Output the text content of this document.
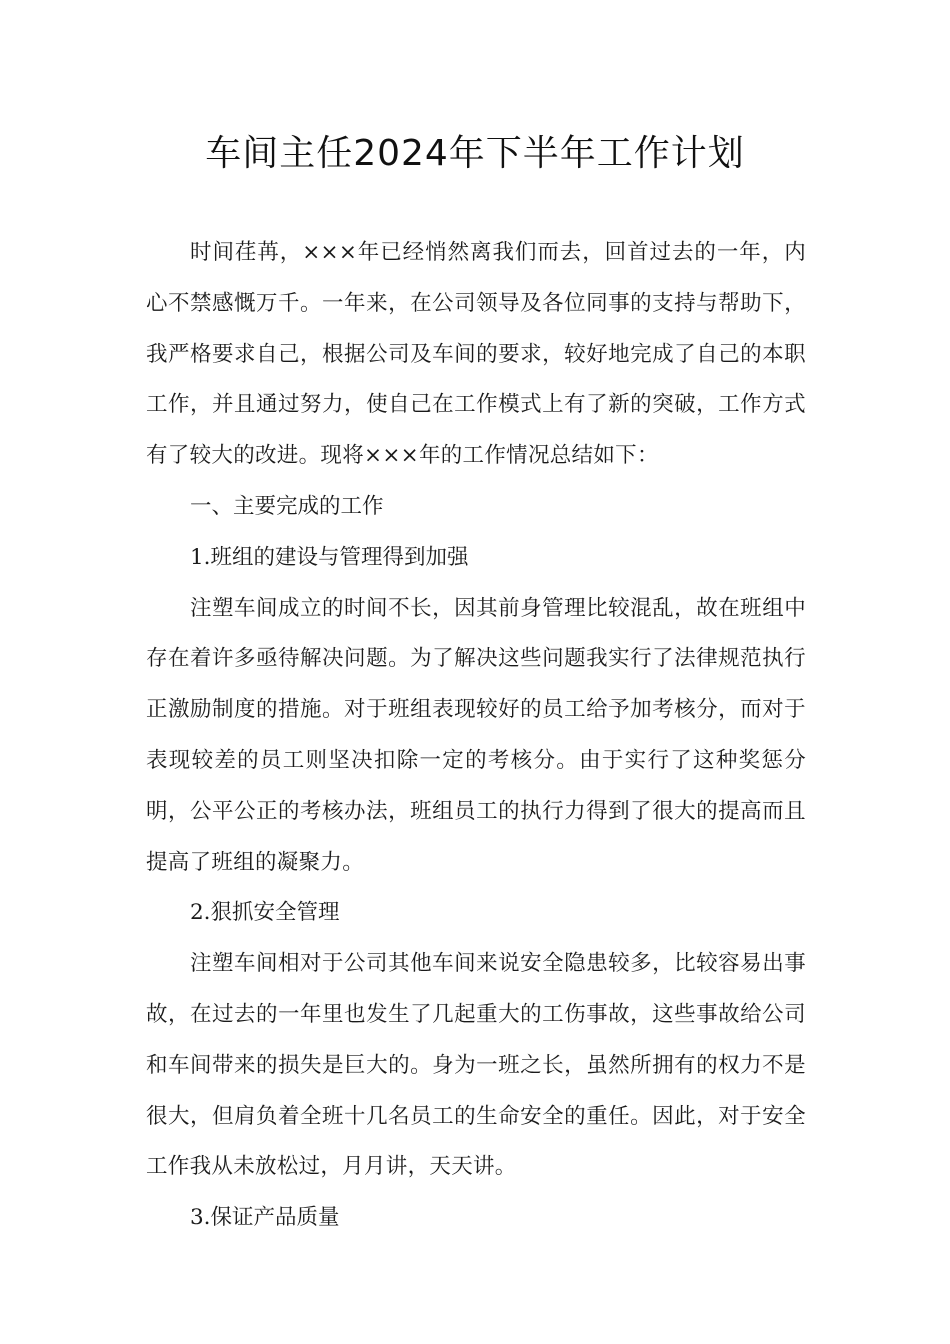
车间主任2024年下半年工作计划

时间荏苒，×××年已经悄然离我们而去，回首过去的一年，内心不禁感慨万千。一年来，在公司领导及各位同事的支持与帮助下，我严格要求自己，根据公司及车间的要求，较好地完成了自己的本职工作，并且通过努力，使自己在工作模式上有了新的突破，工作方式有了较大的改进。现将×××年的工作情况总结如下：

一、主要完成的工作

1.班组的建设与管理得到加强

注塑车间成立的时间不长，因其前身管理比较混乱，故在班组中存在着许多亟待解决问题。为了解决这些问题我实行了法律规范执行正激励制度的措施。对于班组表现较好的员工给予加考核分，而对于表现较差的员工则坚决扣除一定的考核分。由于实行了这种奖惩分明，公平公正的考核办法，班组员工的执行力得到了很大的提高而且提高了班组的凝聚力。

2.狠抓安全管理

注塑车间相对于公司其他车间来说安全隐患较多，比较容易出事故，在过去的一年里也发生了几起重大的工伤事故，这些事故给公司和车间带来的损失是巨大的。身为一班之长，虽然所拥有的权力不是很大，但肩负着全班十几名员工的生命安全的重任。因此，对于安全工作我从未放松过，月月讲，天天讲。

3.保证产品质量
